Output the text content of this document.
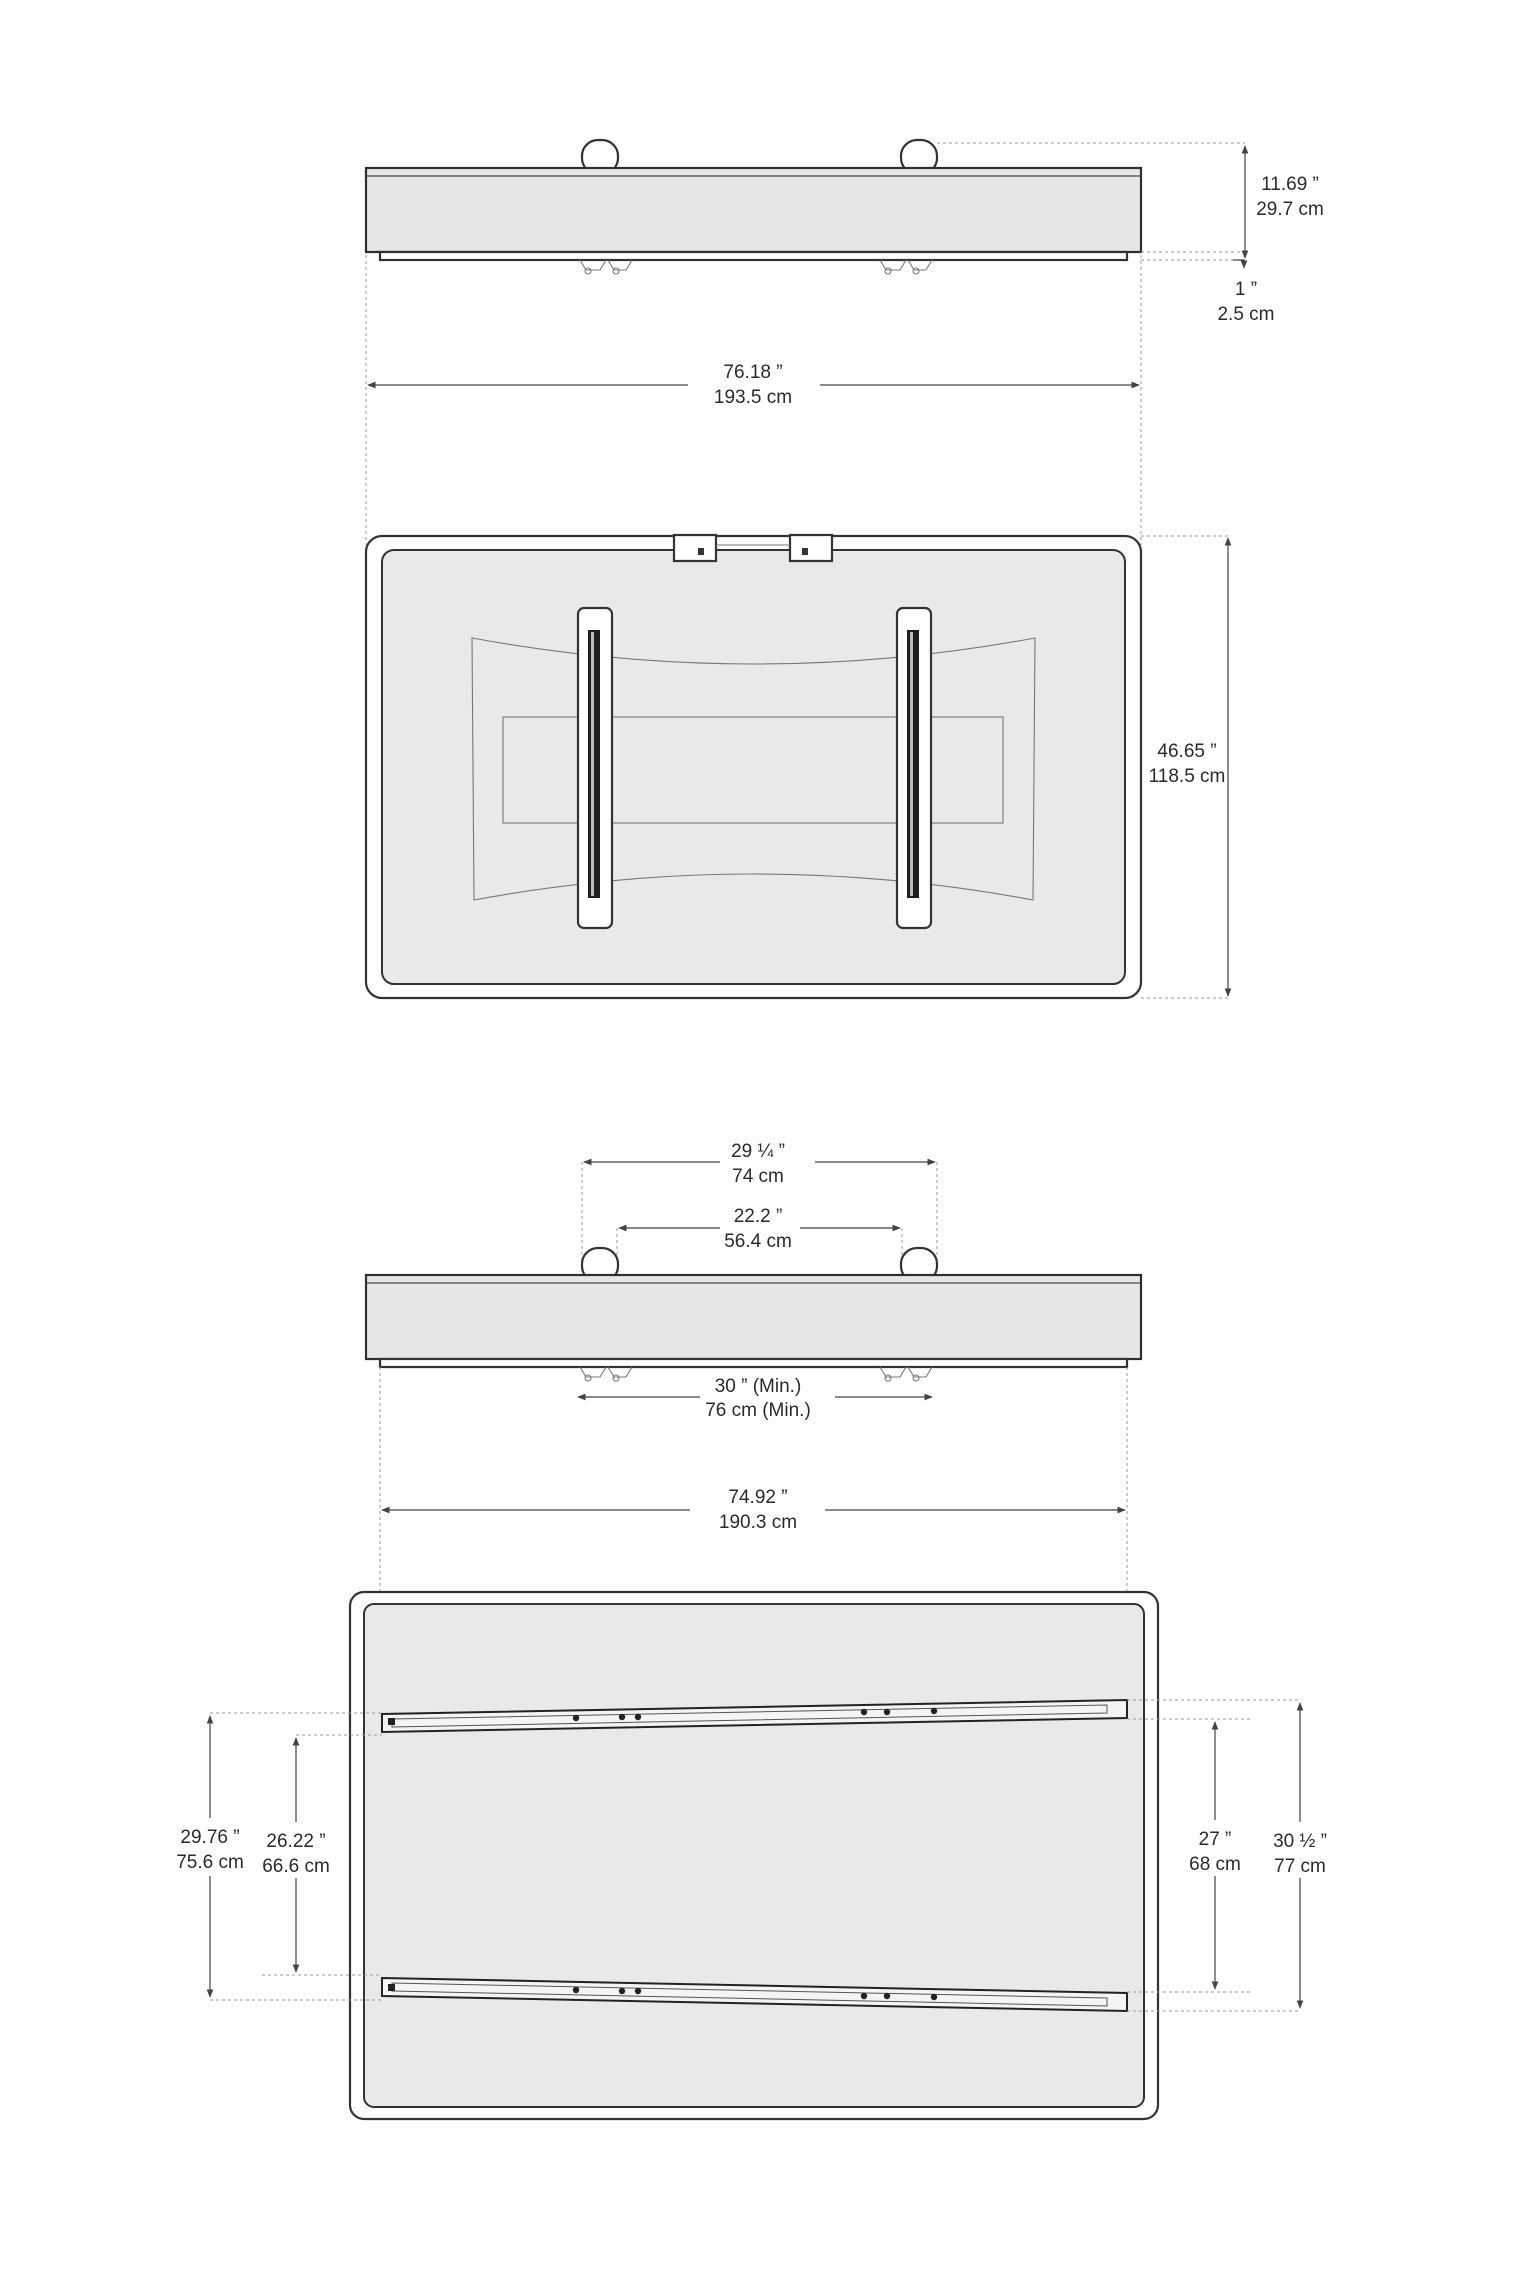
11.69 ”
29.7 cm
1 ”
2.5 cm
76.18 ”
193.5 cm
46.65 ”
118.5 cm
29 ¼ ”
74 cm
22.2 ”
56.4 cm
30 ” (Min.)
76 cm (Min.)
74.92 ”
190.3 cm
29.76 ”
75.6 cm
26.22 ”
66.6 cm
27 ”
68 cm
30 ½ ”
77 cm
